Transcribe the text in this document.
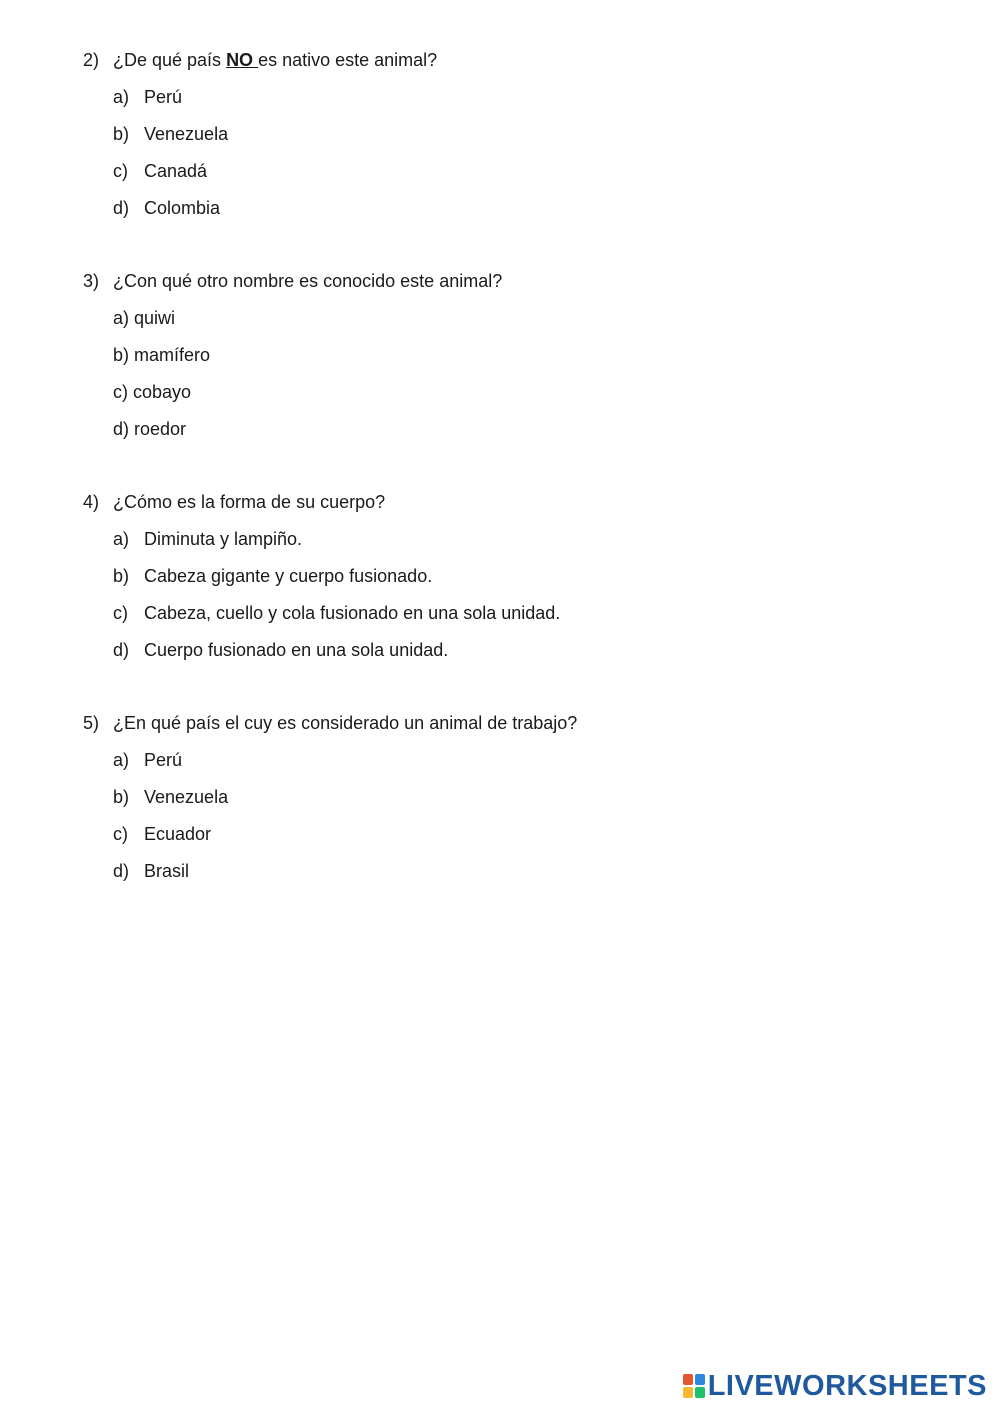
2) ¿De qué país NO es nativo este animal?
a) Perú
b) Venezuela
c) Canadá
d) Colombia
3) ¿Con qué otro nombre es conocido este animal?
a) quiwi
b) mamífero
c) cobayo
d) roedor
4) ¿Cómo es la forma de su cuerpo?
a) Diminuta y lampiño.
b) Cabeza gigante y cuerpo fusionado.
c) Cabeza, cuello y cola fusionado en una sola unidad.
d) Cuerpo fusionado en una sola unidad.
5) ¿En qué país el cuy es considerado un animal de trabajo?
a) Perú
b) Venezuela
c) Ecuador
d) Brasil
LIVEWORKSHEETS
